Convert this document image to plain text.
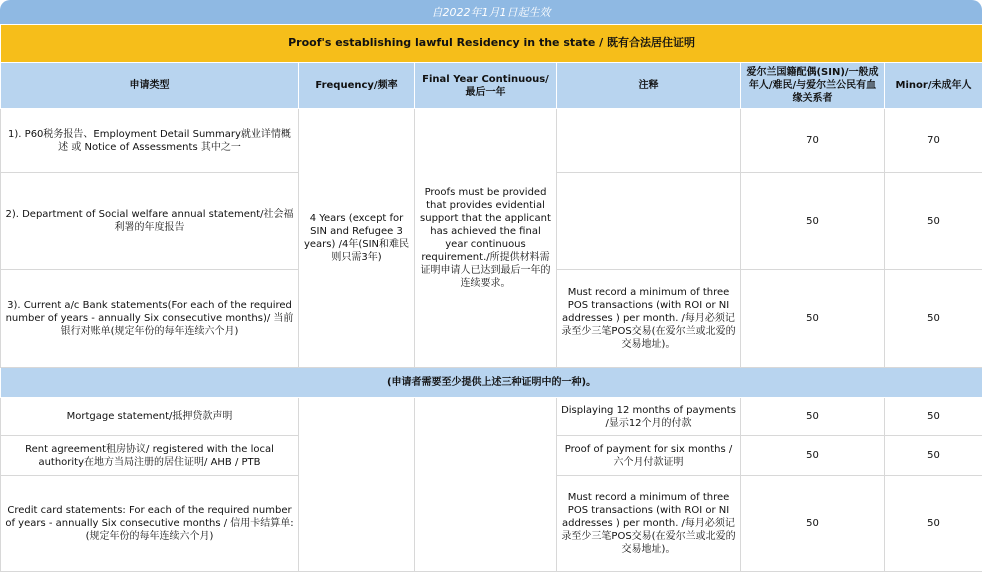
自2022年1月1日起生效
Proof's establishing lawful Residency in the state / 既有合法居住证明					
申请类型	Frequency/频率	Final Year Continuous/最后一年	注释	爱尔兰国籍配偶(SIN)/一般成年人/难民/与爱尔兰公民有血缘关系者	Minor/未成年人
1). P60税务报告、Employment Detail Summary就业详情概述 或 Notice of Assessments 其中之一	4 Years (except for SIN and Refugee 3 years) /4年(SIN和难民则只需3年)	Proofs must be provided that provides evidential support that the applicant has achieved the final year continuous requirement./所提供材料需证明申请人已达到最后一年的连续要求。		70	70
2). Department of Social welfare annual statement/社会福利署的年度报告				50	50
3). Current a/c Bank statements(For each of the required number of years - annually Six consecutive months)/ 当前银行对账单(规定年份的每年连续六个月)			Must record a minimum of three POS transactions (with ROI or NI addresses ) per month. /每月必须记录至少三笔POS交易(在爱尔兰或北爱的交易地址)。	50	50
(申请者需要至少提供上述三种证明中的一种)。					
Mortgage statement/抵押贷款声明			Displaying 12 months of payments /显示12个月的付款	50	50
Rent agreement租房协议/ registered with the local authority在地方当局注册的居住证明/ AHB / PTB			Proof of payment for six months /六个月付款证明	50	50
Credit card statements: For each of the required number of years - annually Six consecutive months / 信用卡结算单:(规定年份的每年连续六个月)			Must record a minimum of three POS transactions (with ROI or NI addresses ) per month. /每月必须记录至少三笔POS交易(在爱尔兰或北爱的交易地址)。	50	50
